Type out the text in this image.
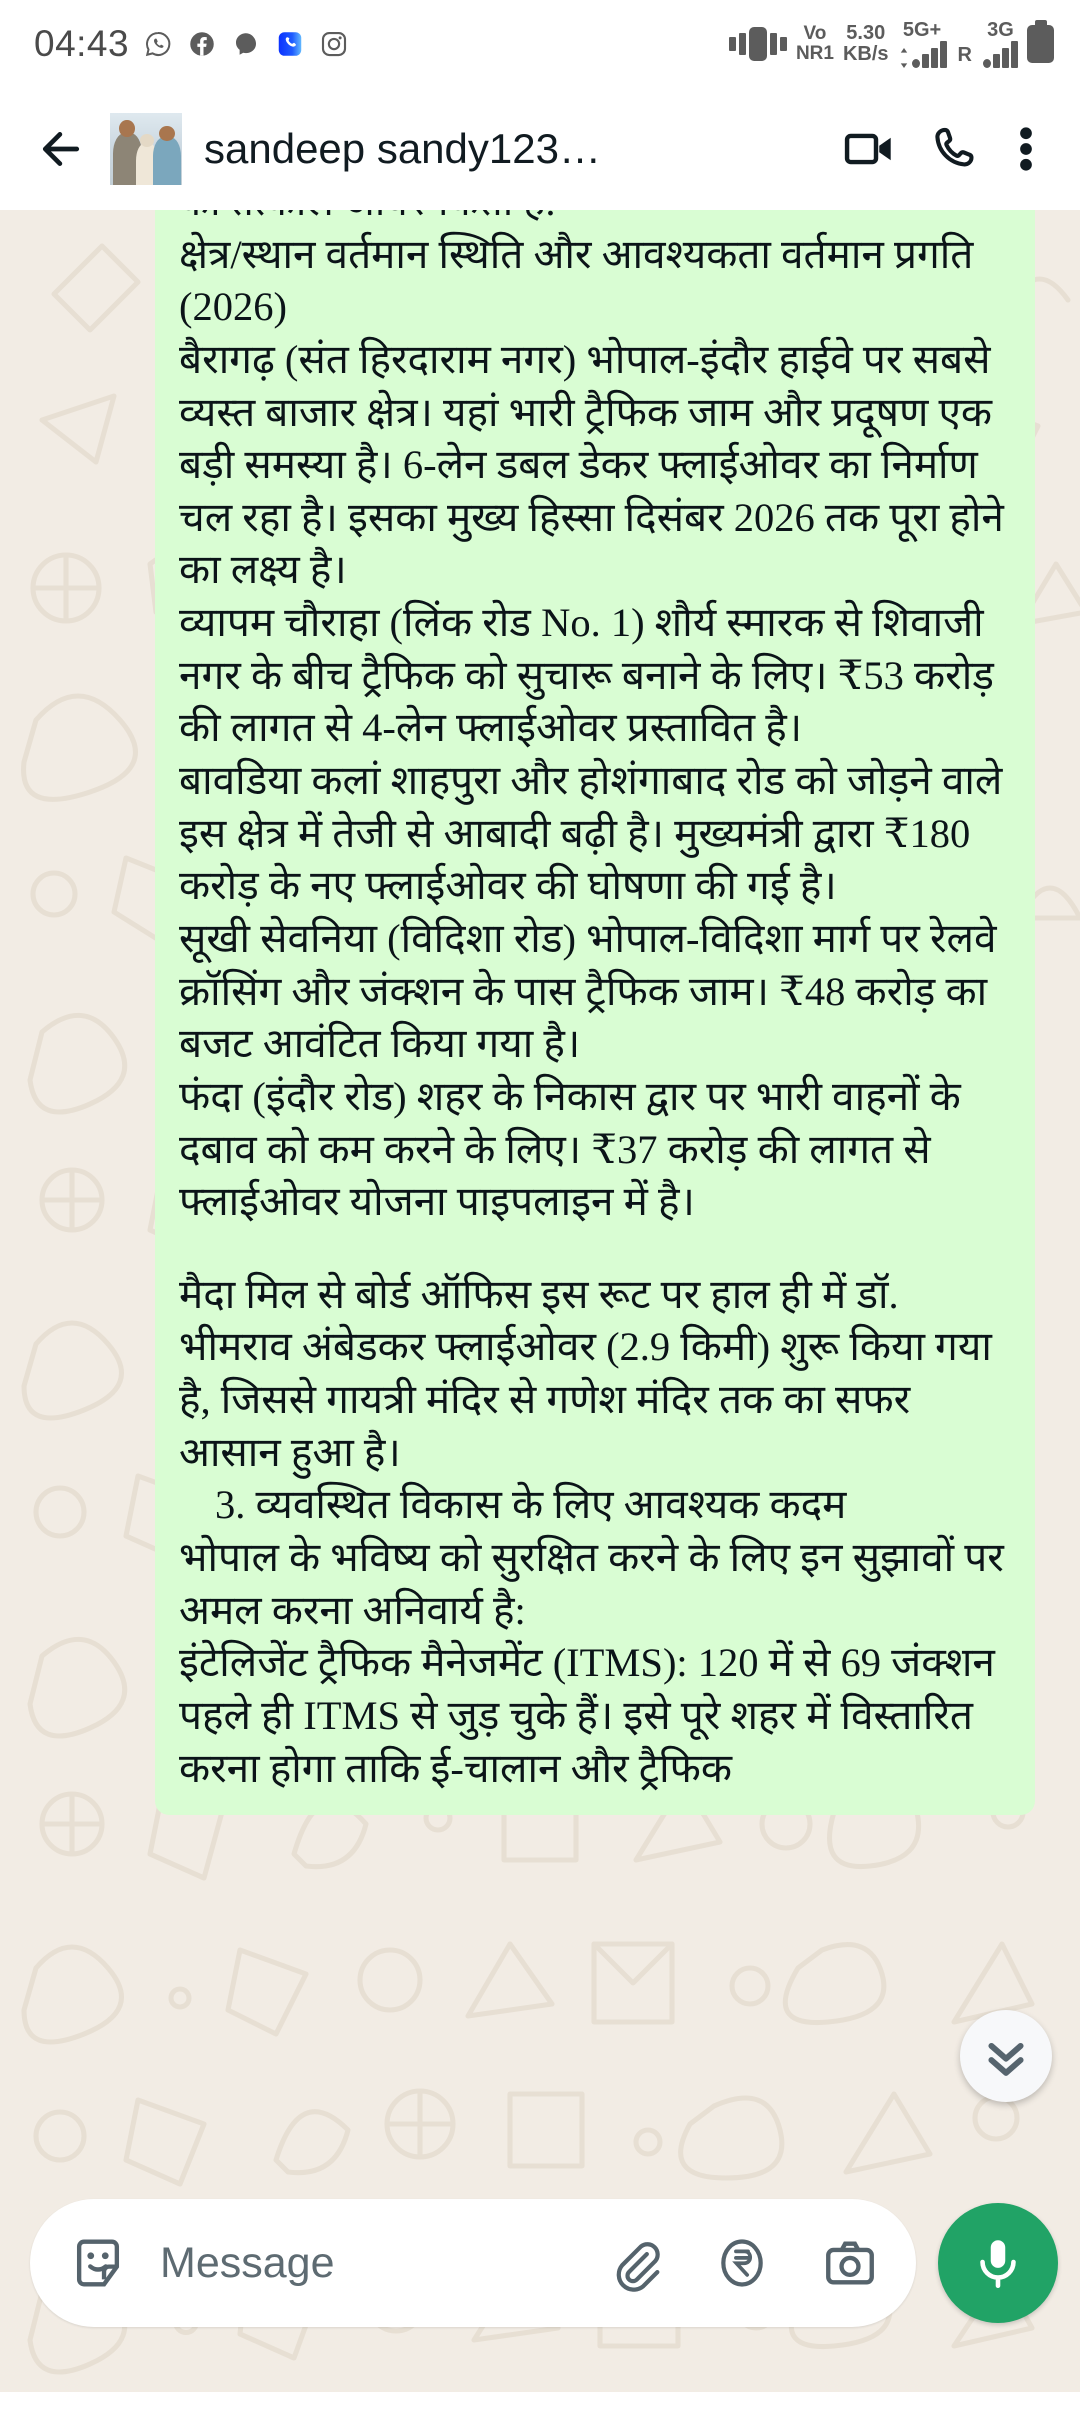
04:43	Vo
NR1
5.30
KB/s
5G+
R
3G
sandeep sandy123…

क्षेत्र/स्थान वर्तमान स्थिति और आवश्यकता वर्तमान प्रगति (2026)

बैरागढ़ (संत हिरदाराम नगर) भोपाल-इंदौर हाईवे पर सबसे व्यस्त बाजार क्षेत्र। यहां भारी ट्रैफिक जाम और प्रदूषण एक बड़ी समस्या है। 6-लेन डबल डेकर फ्लाईओवर का निर्माण चल रहा है। इसका मुख्य हिस्सा दिसंबर 2026 तक पूरा होने का लक्ष्य है।

व्यापम चौराहा (लिंक रोड No. 1) शौर्य स्मारक से शिवाजी नगर के बीच ट्रैफिक को सुचारू बनाने के लिए। ₹53 करोड़ की लागत से 4-लेन फ्लाईओवर प्रस्तावित है।

बावडिया कलां शाहपुरा और होशंगाबाद रोड को जोड़ने वाले इस क्षेत्र में तेजी से आबादी बढ़ी है। मुख्यमंत्री द्वारा ₹180 करोड़ के नए फ्लाईओवर की घोषणा की गई है।

सूखी सेवनिया (विदिशा रोड) भोपाल-विदिशा मार्ग पर रेलवे क्रॉसिंग और जंक्शन के पास ट्रैफिक जाम। ₹48 करोड़ का बजट आवंटित किया गया है।

फंदा (इंदौर रोड) शहर के निकास द्वार पर भारी वाहनों के दबाव को कम करने के लिए। ₹37 करोड़ की लागत से फ्लाईओवर योजना पाइपलाइन में है।

मैदा मिल से बोर्ड ऑफिस इस रूट पर हाल ही में डॉ. भीमराव अंबेडकर फ्लाईओवर (2.9 किमी) शुरू किया गया है, जिससे गायत्री मंदिर से गणेश मंदिर तक का सफर आसान हुआ है।

3. व्यवस्थित विकास के लिए आवश्यक कदम

भोपाल के भविष्य को सुरक्षित करने के लिए इन सुझावों पर अमल करना अनिवार्य है:

इंटेलिजेंट ट्रैफिक मैनेजमेंट (ITMS): 120 में से 69 जंक्शन पहले ही ITMS से जुड़ चुके हैं। इसे पूरे शहर में विस्तारित करना होगा ताकि ई-चालान और ट्रैफिक

Message
